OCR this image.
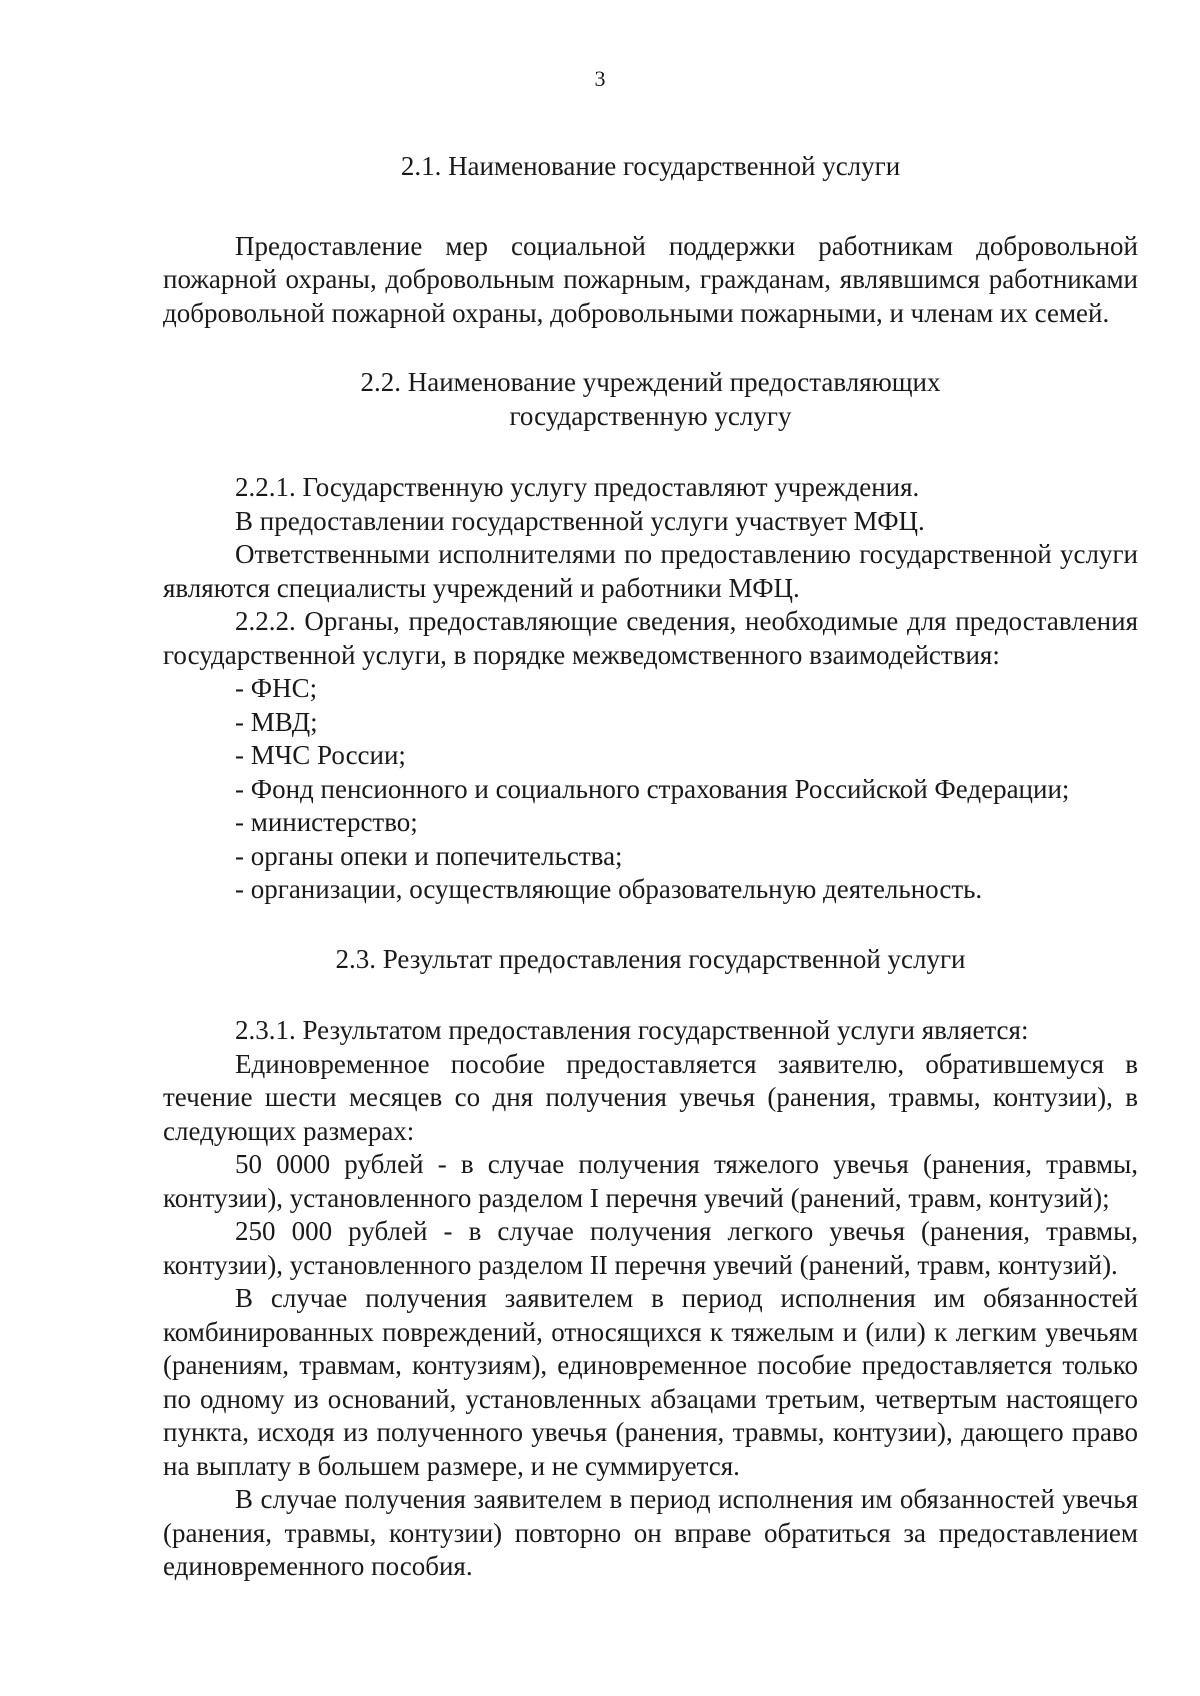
3
2.1. Наименование государственной услуги

Предоставление мер социальной поддержки работникам добровольной пожарной охраны, добровольным пожарным, гражданам, являвшимся работниками добровольной пожарной охраны, добровольными пожарными, и членам их семей.

2.2. Наименование учреждений предоставляющих
государственную услугу

2.2.1. Государственную услугу предоставляют учреждения.

В предоставлении государственной услуги участвует МФЦ.

Ответственными исполнителями по предоставлению государственной услуги являются специалисты учреждений и работники МФЦ.

2.2.2. Органы, предоставляющие сведения, необходимые для предоставления государственной услуги, в порядке межведомственного взаимодействия:

- ФНС;

- МВД;

- МЧС России;

- Фонд пенсионного и социального страхования Российской Федерации;

- министерство;

- органы опеки и попечительства;

- организации, осуществляющие образовательную деятельность.

2.3. Результат предоставления государственной услуги

2.3.1. Результатом предоставления государственной услуги является:

Единовременное пособие предоставляется заявителю, обратившемуся в течение шести месяцев со дня получения увечья (ранения, травмы, контузии), в следующих размерах:

50 0000 рублей - в случае получения тяжелого увечья (ранения, травмы, контузии), установленного разделом I перечня увечий (ранений, травм, контузий);

250 000 рублей - в случае получения легкого увечья (ранения, травмы, контузии), установленного разделом II перечня увечий (ранений, травм, контузий).

В случае получения заявителем в период исполнения им обязанностей комбинированных повреждений, относящихся к тяжелым и (или) к легким увечьям (ранениям, травмам, контузиям), единовременное пособие предоставляется только по одному из оснований, установленных абзацами третьим, четвертым настоящего пункта, исходя из полученного увечья (ранения, травмы, контузии), дающего право на выплату в большем размере, и не суммируется.

В случае получения заявителем в период исполнения им обязанностей увечья (ранения, травмы, контузии) повторно он вправе обратиться за предоставлением единовременного пособия.
